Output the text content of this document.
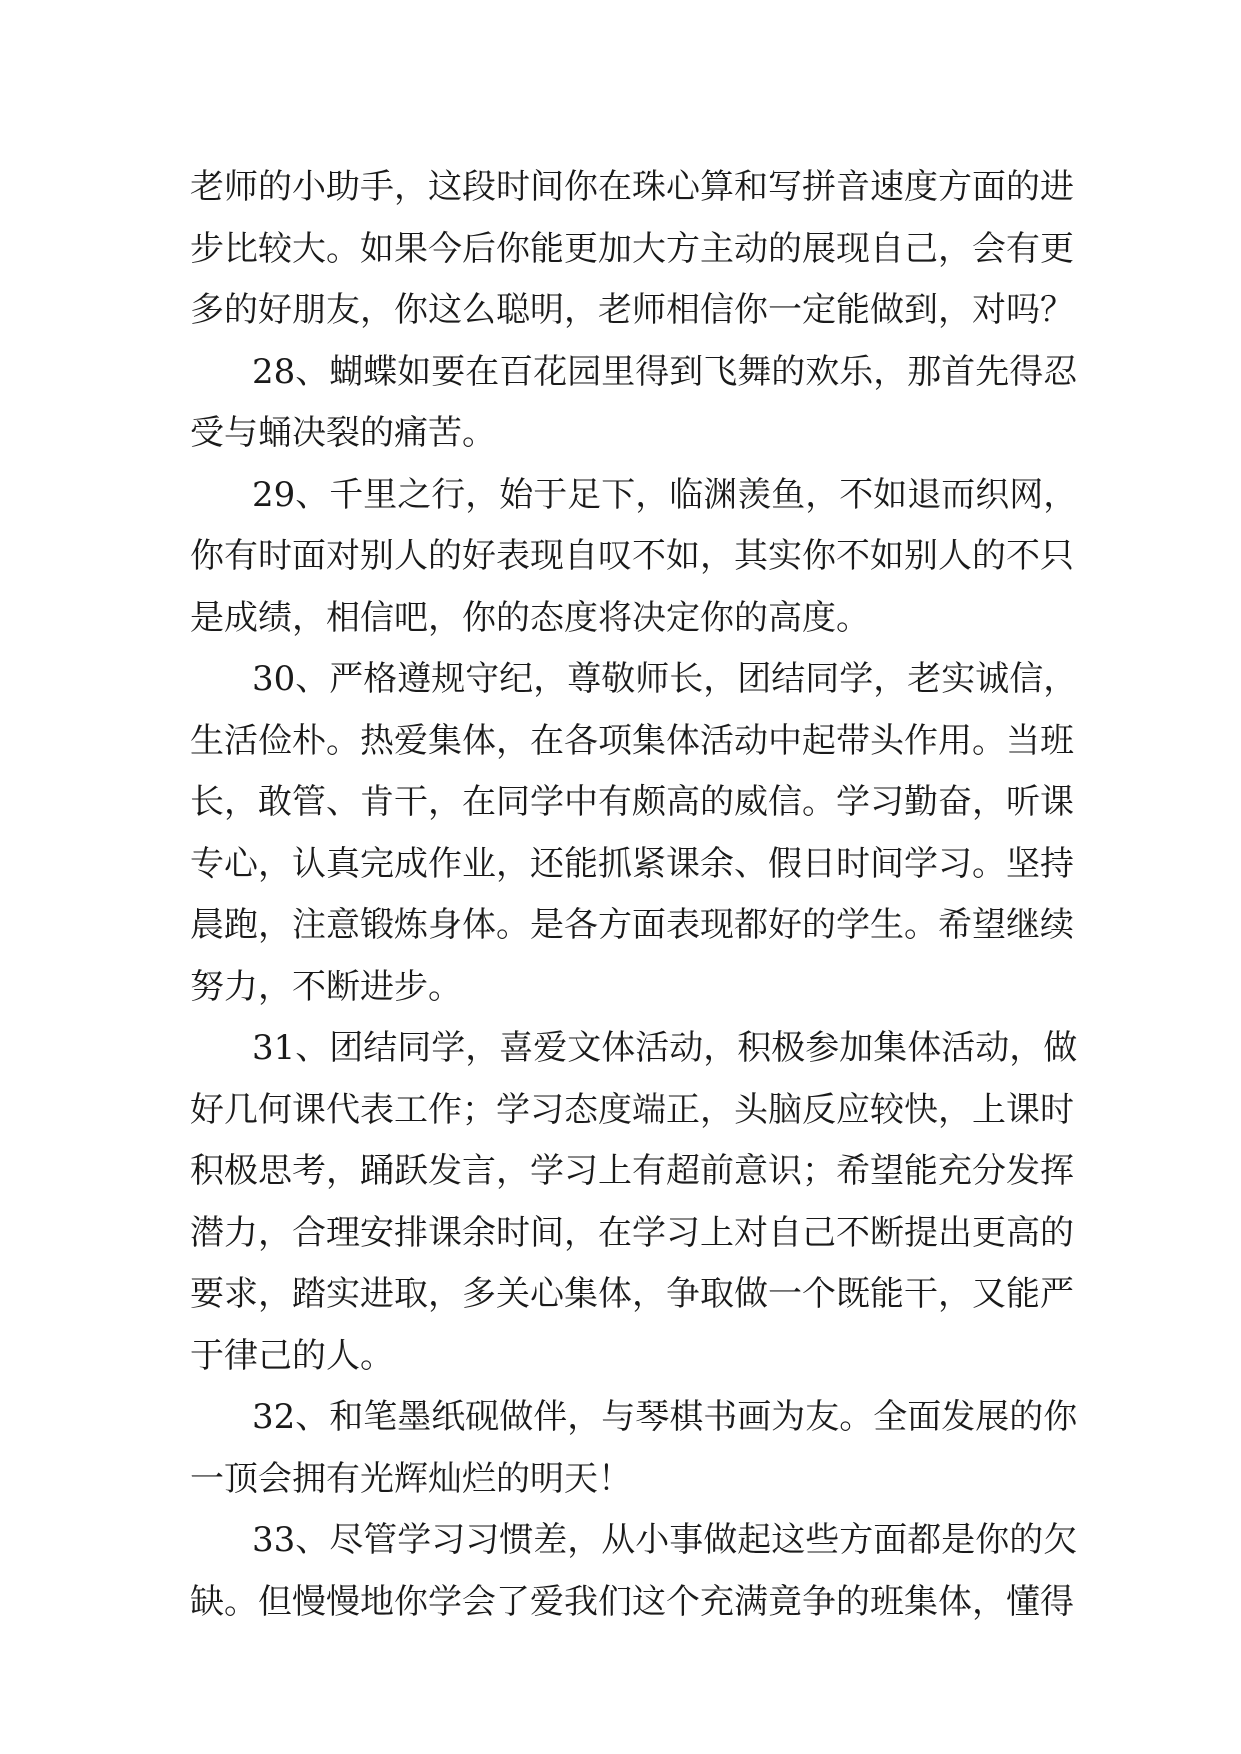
老师的小助手，这段时间你在珠心算和写拼音速度方面的进
步比较大。如果今后你能更加大方主动的展现自己，会有更
多的好朋友，你这么聪明，老师相信你一定能做到，对吗？
28、蝴蝶如要在百花园里得到飞舞的欢乐，那首先得忍
受与蛹决裂的痛苦。
29、千里之行，始于足下，临渊羡鱼，不如退而织网，
你有时面对别人的好表现自叹不如，其实你不如别人的不只
是成绩，相信吧，你的态度将决定你的高度。
30、严格遵规守纪，尊敬师长，团结同学，老实诚信，
生活俭朴。热爱集体，在各项集体活动中起带头作用。当班
长，敢管、肯干，在同学中有颇高的威信。学习勤奋，听课
专心，认真完成作业，还能抓紧课余、假日时间学习。坚持
晨跑，注意锻炼身体。是各方面表现都好的学生。希望继续
努力，不断进步。
31、团结同学，喜爱文体活动，积极参加集体活动，做
好几何课代表工作；学习态度端正，头脑反应较快，上课时
积极思考，踊跃发言，学习上有超前意识；希望能充分发挥
潜力，合理安排课余时间，在学习上对自己不断提出更高的
要求，踏实进取，多关心集体，争取做一个既能干，又能严
于律己的人。
32、和笔墨纸砚做伴，与琴棋书画为友。全面发展的你
一顶会拥有光辉灿烂的明天！
33、尽管学习习惯差，从小事做起这些方面都是你的欠
缺。但慢慢地你学会了爱我们这个充满竟争的班集体，懂得
